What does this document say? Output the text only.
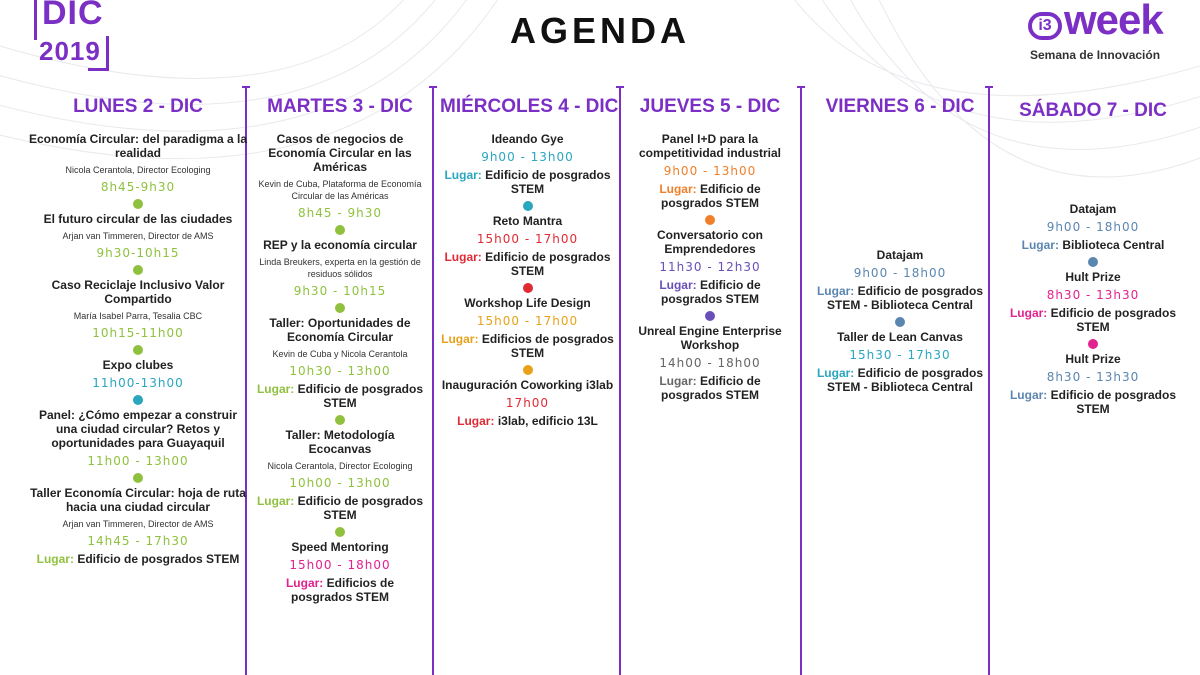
DIC
2019	AGENDA	i3 week
Semana de Innovación
LUNES 2 - DIC
Economía Circular: del paradigma a la realidad
Nicola Cerantola, Director Ecologing
8h45-9h30
El futuro circular de las ciudades
Arjan van Timmeren, Director de AMS
9h30-10h15
Caso Reciclaje Inclusivo Valor Compartido
María Isabel Parra, Tesalia CBC
10h15-11h00
Expo clubes
11h00-13h00
Panel: ¿Cómo empezar a construir una ciudad circular? Retos y oportunidades para Guayaquil
11h00 - 13h00
Taller Economía Circular: hoja de ruta hacia una ciudad circular
Arjan van Timmeren, Director de AMS
14h45 - 17h30
Lugar: Edificio de posgrados STEM
MARTES 3 - DIC
Casos de negocios de Economía Circular en las Américas
Kevin de Cuba, Plataforma de Economía Circular de las Américas
8h45 - 9h30
REP y la economía circular
Linda Breukers, experta en la gestión de residuos sólidos
9h30 - 10h15
Taller: Oportunidades de Economía Circular
Kevin de Cuba y Nicola Cerantola
10h30 - 13h00
Lugar: Edificio de posgrados STEM
Taller: Metodología Ecocanvas
Nicola Cerantola, Director Ecologing
10h00 - 13h00
Lugar: Edificio de posgrados STEM
Speed Mentoring
15h00 - 18h00
Lugar: Edificios de posgrados STEM
MIÉRCOLES 4 - DIC
Ideando Gye
9h00 - 13h00
Lugar: Edificio de posgrados STEM
Reto Mantra
15h00 - 17h00
Lugar: Edificio de posgrados STEM
Workshop Life Design
15h00 - 17h00
Lugar: Edificios de posgrados STEM
Inauguración Coworking i3lab
17h00
Lugar: i3lab, edificio 13L
JUEVES 5 - DIC
Panel I+D para la competitividad industrial
9h00 - 13h00
Lugar: Edificio de posgrados STEM
Conversatorio con Emprendedores
11h30 - 12h30
Lugar: Edificio de posgrados STEM
Unreal Engine Enterprise Workshop
14h00 - 18h00
Lugar: Edificio de posgrados STEM
VIERNES 6 - DIC
Datajam
9h00 - 18h00
Lugar: Edificio de posgrados STEM - Biblioteca Central
Taller de Lean Canvas
15h30 - 17h30
Lugar: Edificio de posgrados STEM - Biblioteca Central
SÁBADO 7 - DIC
Datajam
9h00 - 18h00
Lugar: Biblioteca Central
Hult Prize
8h30 - 13h30
Lugar: Edificio de posgrados STEM
Hult Prize
8h30 - 13h30
Lugar: Edificio de posgrados STEM
